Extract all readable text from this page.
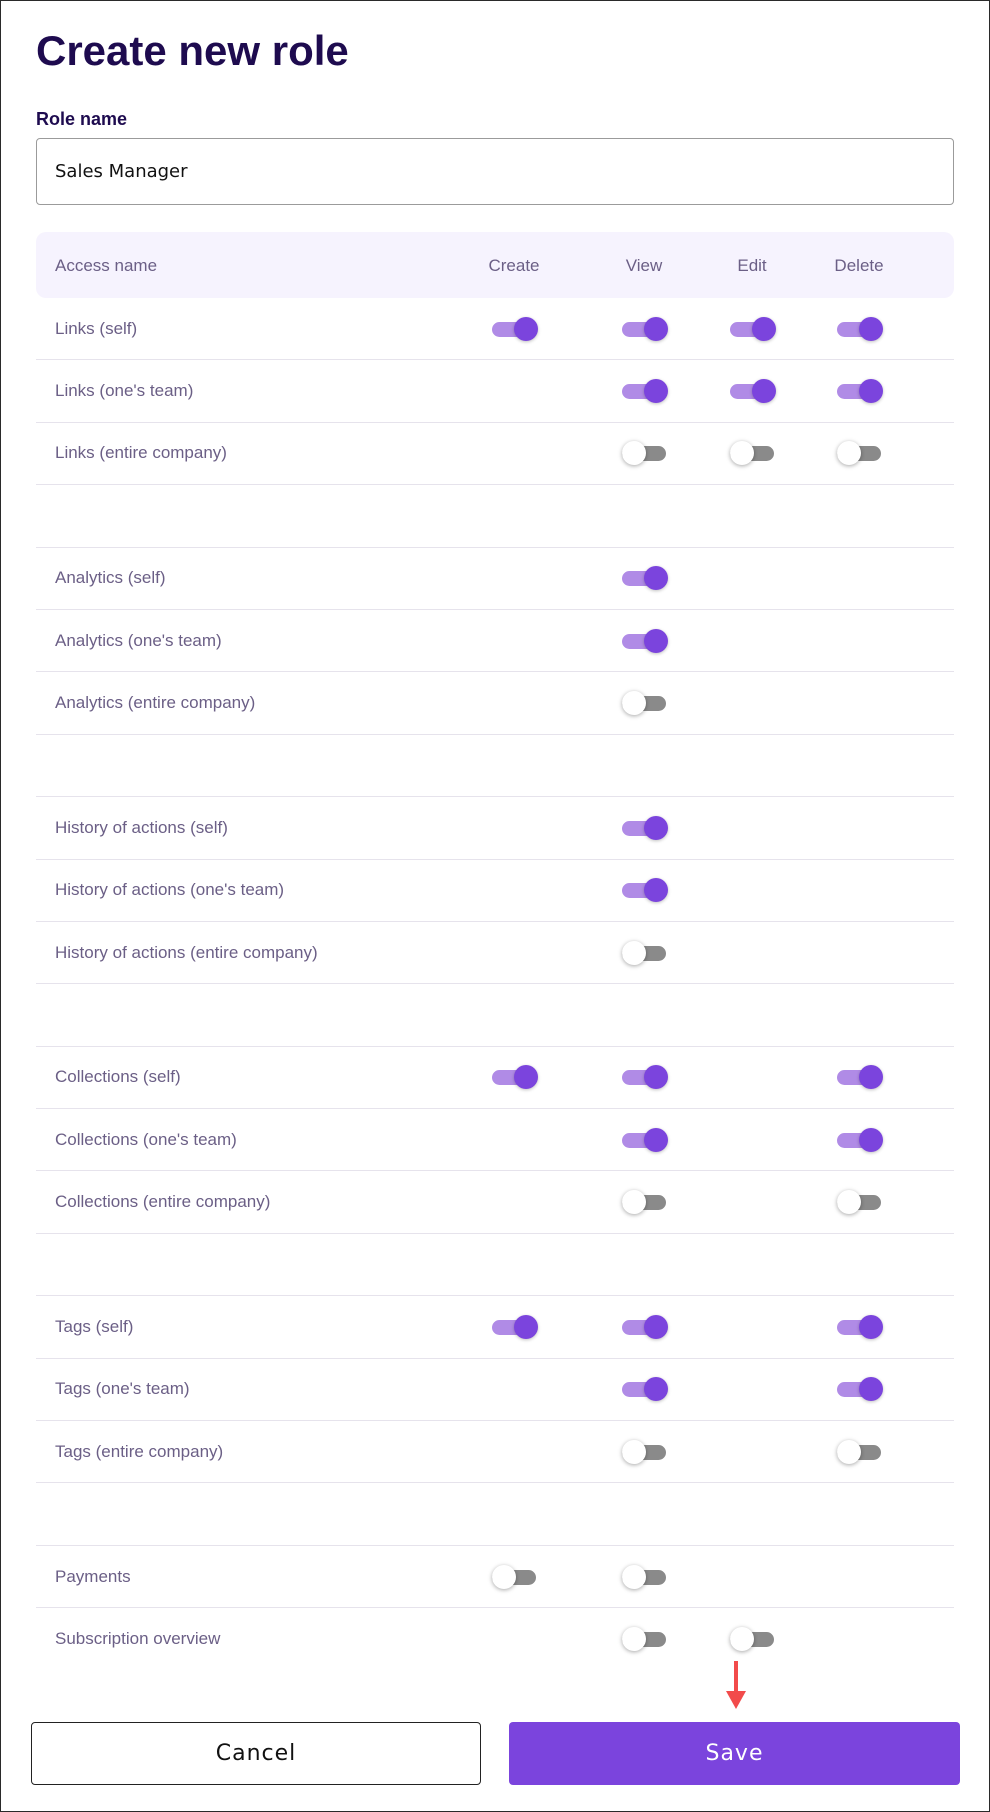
Create new role
Role name
Sales Manager
Access name	Create	View	Edit	Delete
Links (self)
Links (one's team)
Links (entire company)
Analytics (self)
Analytics (one's team)
Analytics (entire company)
History of actions (self)
History of actions (one's team)
History of actions (entire company)
Collections (self)
Collections (one's team)
Collections (entire company)
Tags (self)
Tags (one's team)
Tags (entire company)
Payments
Subscription overview
Cancel	Save
